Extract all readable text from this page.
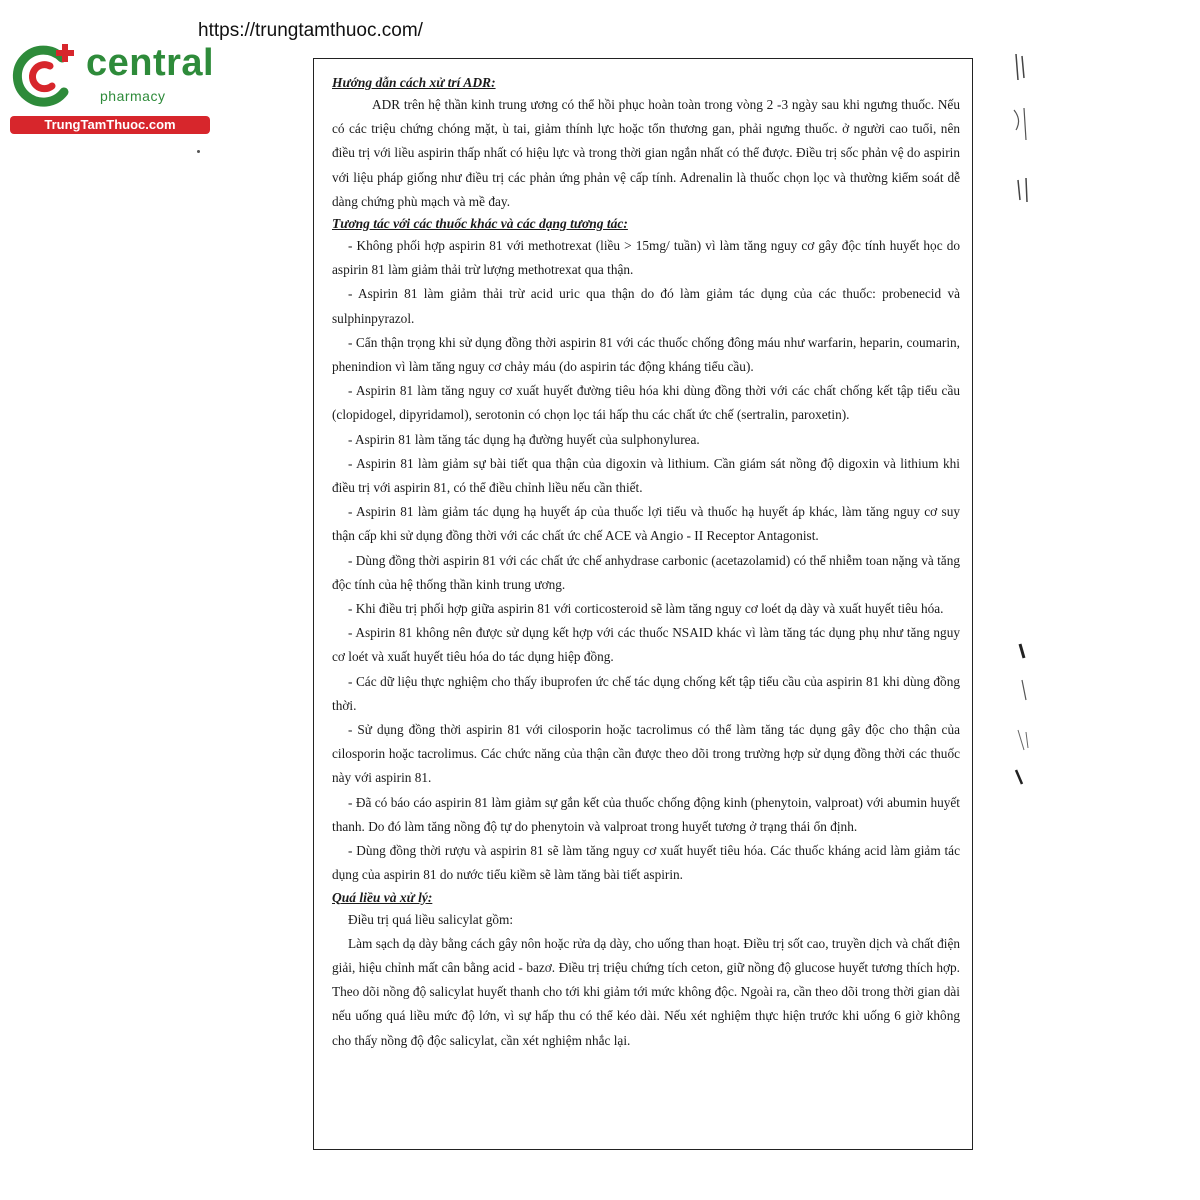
https://trungtamthuoc.com/
central
pharmacy
TrungTamThuoc.com

Hướng dẫn cách xử trí ADR:

ADR trên hệ thần kinh trung ương có thể hồi phục hoàn toàn trong vòng 2 -3 ngày sau khi ngưng thuốc. Nếu có các triệu chứng chóng mặt, ù tai, giảm thính lực hoặc tổn thương gan, phải ngưng thuốc. ở người cao tuổi, nên điều trị với liều aspirin thấp nhất có hiệu lực và trong thời gian ngắn nhất có thể được. Điều trị sốc phản vệ do aspirin với liệu pháp giống như điều trị các phản ứng phản vệ cấp tính. Adrenalin là thuốc chọn lọc và thường kiểm soát dễ dàng chứng phù mạch và mề đay.

Tương tác với các thuốc khác và các dạng tương tác:

- Không phối hợp aspirin 81 với methotrexat (liều > 15mg/ tuần) vì làm tăng nguy cơ gây độc tính huyết học do aspirin 81 làm giảm thải trừ lượng methotrexat qua thận.

- Aspirin 81 làm giảm thải trừ acid uric qua thận do đó làm giảm tác dụng của các thuốc: probenecid và sulphinpyrazol.

- Cẩn thận trọng khi sử dụng đồng thời aspirin 81 với các thuốc chống đông máu như warfarin, heparin, coumarin, phenindion vì làm tăng nguy cơ chảy máu (do aspirin tác động kháng tiểu cầu).

- Aspirin 81 làm tăng nguy cơ xuất huyết đường tiêu hóa khi dùng đồng thời với các chất chống kết tập tiểu cầu (clopidogel, dipyridamol), serotonin có chọn lọc tái hấp thu các chất ức chế (sertralin, paroxetin).

- Aspirin 81 làm tăng tác dụng hạ đường huyết của sulphonylurea.

- Aspirin 81 làm giảm sự bài tiết qua thận của digoxin và lithium. Cần giám sát nồng độ digoxin và lithium khi điều trị với aspirin 81, có thể điều chỉnh liều nếu cần thiết.

- Aspirin 81 làm giảm tác dụng hạ huyết áp của thuốc lợi tiểu và thuốc hạ huyết áp khác, làm tăng nguy cơ suy thận cấp khi sử dụng đồng thời với các chất ức chế ACE và Angio - II Receptor Antagonist.

- Dùng đồng thời aspirin 81 với các chất ức chế anhydrase carbonic (acetazolamid) có thể nhiễm toan nặng và tăng độc tính của hệ thống thần kinh trung ương.

- Khi điều trị phối hợp giữa aspirin 81 với corticosteroid sẽ làm tăng nguy cơ loét dạ dày và xuất huyết tiêu hóa.

- Aspirin 81 không nên được sử dụng kết hợp với các thuốc NSAID khác vì làm tăng tác dụng phụ như tăng nguy cơ loét và xuất huyết tiêu hóa do tác dụng hiệp đồng.

- Các dữ liệu thực nghiệm cho thấy ibuprofen ức chế tác dụng chống kết tập tiểu cầu của aspirin 81 khi dùng đồng thời.

- Sử dụng đồng thời aspirin 81 với cilosporin hoặc tacrolimus có thể làm tăng tác dụng gây độc cho thận của cilosporin hoặc tacrolimus. Các chức năng của thận cần được theo dõi trong trường hợp sử dụng đồng thời các thuốc này với aspirin 81.

- Đã có báo cáo aspirin 81 làm giảm sự gắn kết của thuốc chống động kinh (phenytoin, valproat) với abumin huyết thanh. Do đó làm tăng nồng độ tự do phenytoin và valproat trong huyết tương ở trạng thái ổn định.

- Dùng đồng thời rượu và aspirin 81 sẽ làm tăng nguy cơ xuất huyết tiêu hóa. Các thuốc kháng acid làm giảm tác dụng của aspirin 81 do nước tiểu kiềm sẽ làm tăng bài tiết aspirin.

Quá liều và xử lý:

Điều trị quá liều salicylat gồm:

Làm sạch dạ dày bằng cách gây nôn hoặc rửa dạ dày, cho uống than hoạt. Điều trị sốt cao, truyền dịch và chất điện giải, hiệu chỉnh mất cân bằng acid - bazơ. Điều trị triệu chứng tích ceton, giữ nồng độ glucose huyết tương thích hợp. Theo dõi nồng độ salicylat huyết thanh cho tới khi giảm tới mức không độc. Ngoài ra, cần theo dõi trong thời gian dài nếu uống quá liều mức độ lớn, vì sự hấp thu có thể kéo dài. Nếu xét nghiệm thực hiện trước khi uống 6 giờ không cho thấy nồng độ độc salicylat, cần xét nghiệm nhắc lại.
